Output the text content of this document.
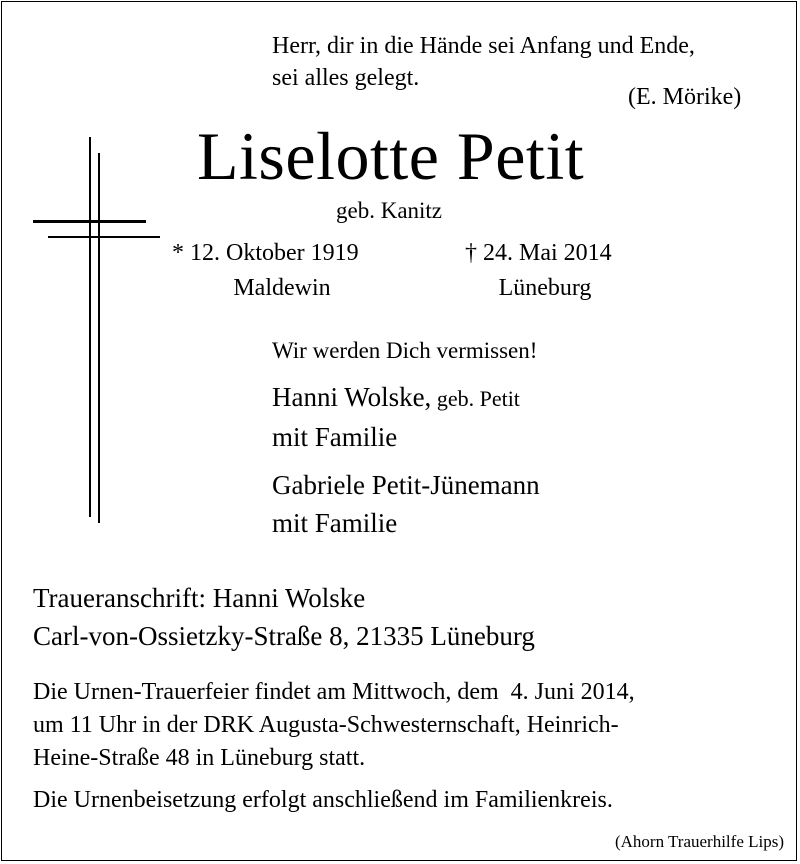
Herr, dir in die Hände sei Anfang und Ende,
sei alles gelegt.
(E. Mörike)
Liselotte Petit
geb. Kanitz
* 12. Oktober 1919
Maldewin
† 24. Mai 2014
Lüneburg
Wir werden Dich vermissen!
Hanni Wolske, geb. Petit
mit Familie
Gabriele Petit-Jünemann
mit Familie
Traueranschrift: Hanni Wolske
Carl-von-Ossietzky-Straße 8, 21335 Lüneburg
Die Urnen-Trauerfeier findet am Mittwoch, dem  4. Juni 2014,
um 11 Uhr in der DRK Augusta-Schwesternschaft, Heinrich-
Heine-Straße 48 in Lüneburg statt.
Die Urnenbeisetzung erfolgt anschließend im Familienkreis.
(Ahorn Trauerhilfe Lips)
